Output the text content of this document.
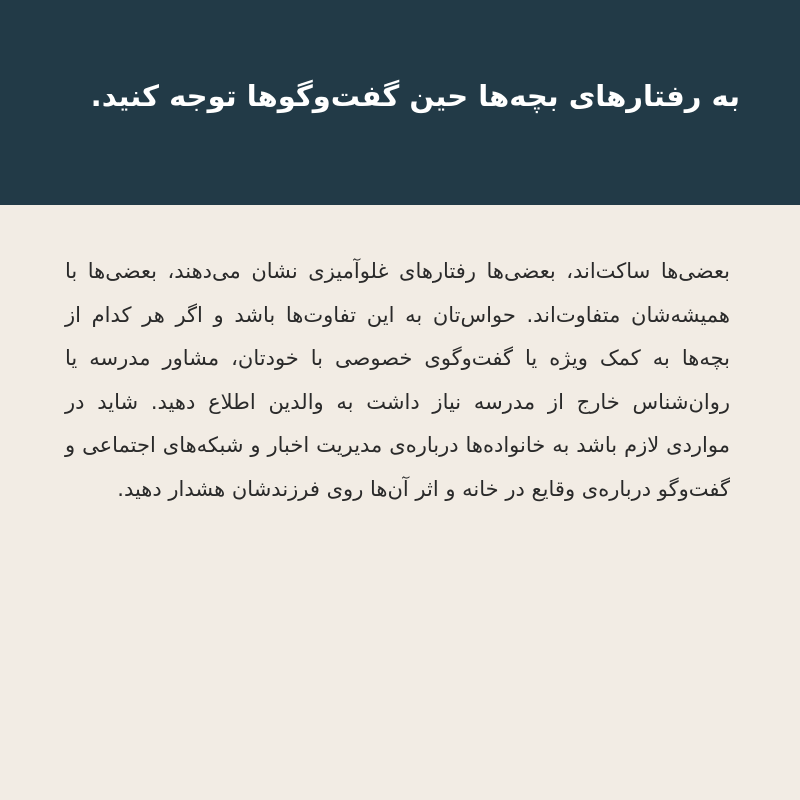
به رفتارهای بچه‌ها حین گفت‌وگوها توجه کنید.

بعضی‌ها ساکت‌اند، بعضی‌ها رفتارهای غلوآمیزی نشان می‌دهند، بعضی‌ها با همیشه‌شان متفاوت‌اند. حواس‌تان به این تفاوت‌ها باشد و اگر هر کدام از بچه‌ها به کمک ویژه یا گفت‌وگوی خصوصی با خودتان، مشاور مدرسه یا روان‌شناس خارج از مدرسه نیاز داشت به والدین اطلاع دهید. شاید در مواردی لازم باشد به خانواده‌ها درباره‌ی مدیریت اخبار و شبکه‌های اجتماعی و گفت‌وگو درباره‌ی وقایع در خانه و اثر آن‌ها روی فرزندشان هشدار دهید.
